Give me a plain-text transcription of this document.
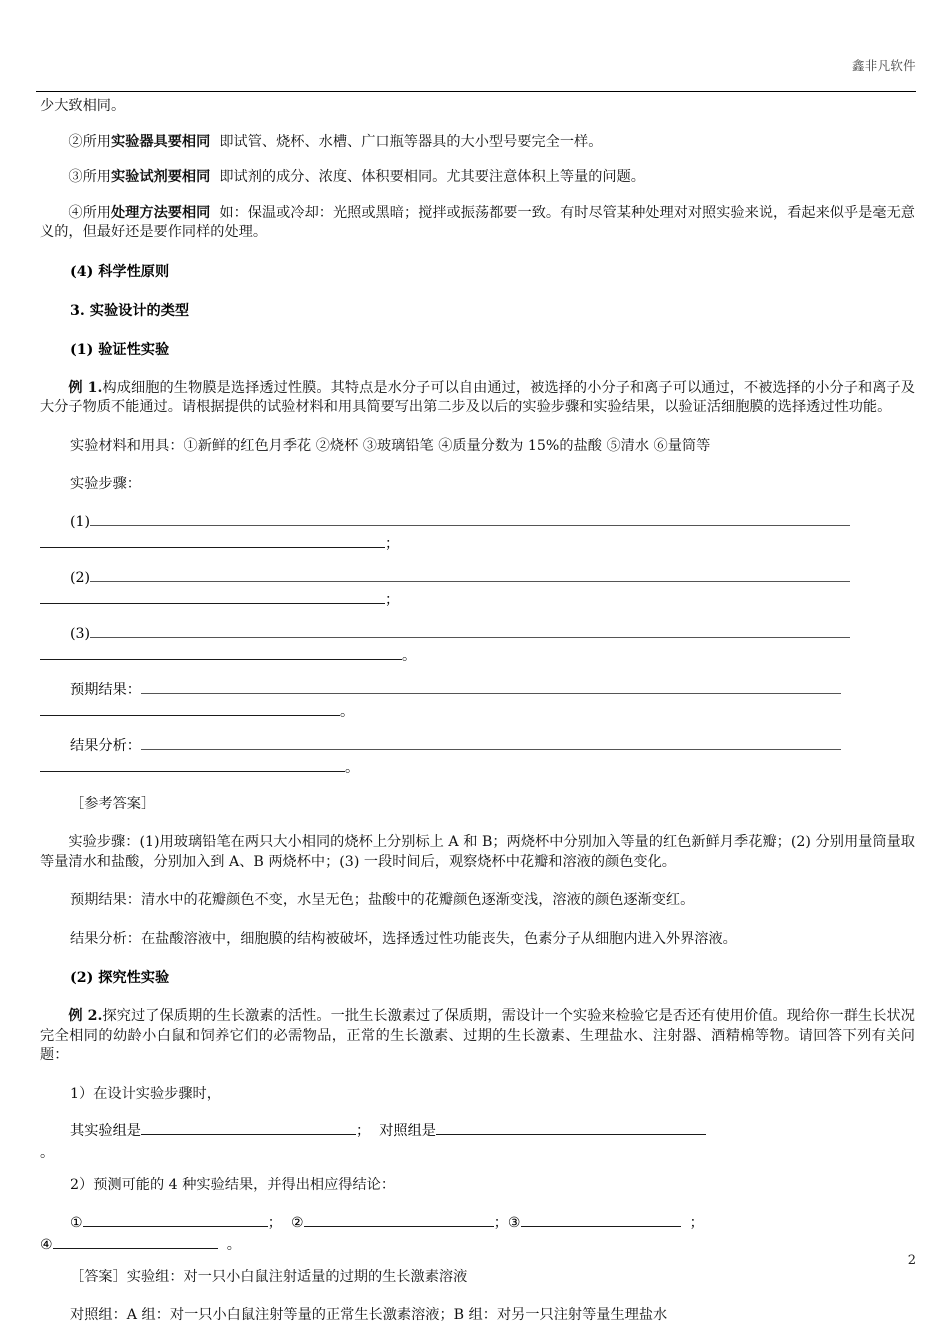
鑫非凡软件
少大致相同。
②所用实验器具要相同 即试管、烧杯、水槽、广口瓶等器具的大小型号要完全一样。
③所用实验试剂要相同 即试剂的成分、浓度、体积要相同。尤其要注意体积上等量的问题。
④所用处理方法要相同 如：保温或冷却：光照或黑暗；搅拌或振荡都要一致。有时尽管某种处理对对照实验来说，看起来似乎是毫无意义的，但最好还是要作同样的处理。
(4) 科学性原则
3. 实验设计的类型
(1) 验证性实验
例 1.构成细胞的生物膜是选择透过性膜。其特点是水分子可以自由通过，被选择的小分子和离子可以通过，不被选择的小分子和离子及大分子物质不能通过。请根据提供的试验材料和用具简要写出第二步及以后的实验步骤和实验结果，以验证活细胞膜的选择透过性功能。
实验材料和用具：①新鲜的红色月季花 ②烧杯 ③玻璃铅笔 ④质量分数为 15%的盐酸 ⑤清水 ⑥量筒等
实验步骤：
(1)
；
(2)
；
(3)
。
预期结果：
。
结果分析：
。
［参考答案］
实验步骤：(1)用玻璃铅笔在两只大小相同的烧杯上分别标上 A 和 B；两烧杯中分别加入等量的红色新鲜月季花瓣；(2) 分别用量筒量取等量清水和盐酸，分别加入到 A、B 两烧杯中；(3) 一段时间后，观察烧杯中花瓣和溶液的颜色变化。
预期结果：清水中的花瓣颜色不变，水呈无色；盐酸中的花瓣颜色逐渐变浅，溶液的颜色逐渐变红。
结果分析：在盐酸溶液中，细胞膜的结构被破坏，选择透过性功能丧失，色素分子从细胞内进入外界溶液。
(2) 探究性实验
例 2.探究过了保质期的生长激素的活性。一批生长激素过了保质期，需设计一个实验来检验它是否还有使用价值。现给你一群生长状况完全相同的幼龄小白鼠和饲养它们的必需物品，正常的生长激素、过期的生长激素、生理盐水、注射器、酒精棉等物。请回答下列有关问题：
1）在设计实验步骤时，
其实验组是	； 对照组是
。
2）预测可能的 4 种实验结果，并得出相应得结论：
①	； ②	；③	；
④	。
［答案］实验组：对一只小白鼠注射适量的过期的生长激素溶液
对照组：A 组：对一只小白鼠注射等量的正常生长激素溶液；B 组：对另一只注射等量生理盐水
2
